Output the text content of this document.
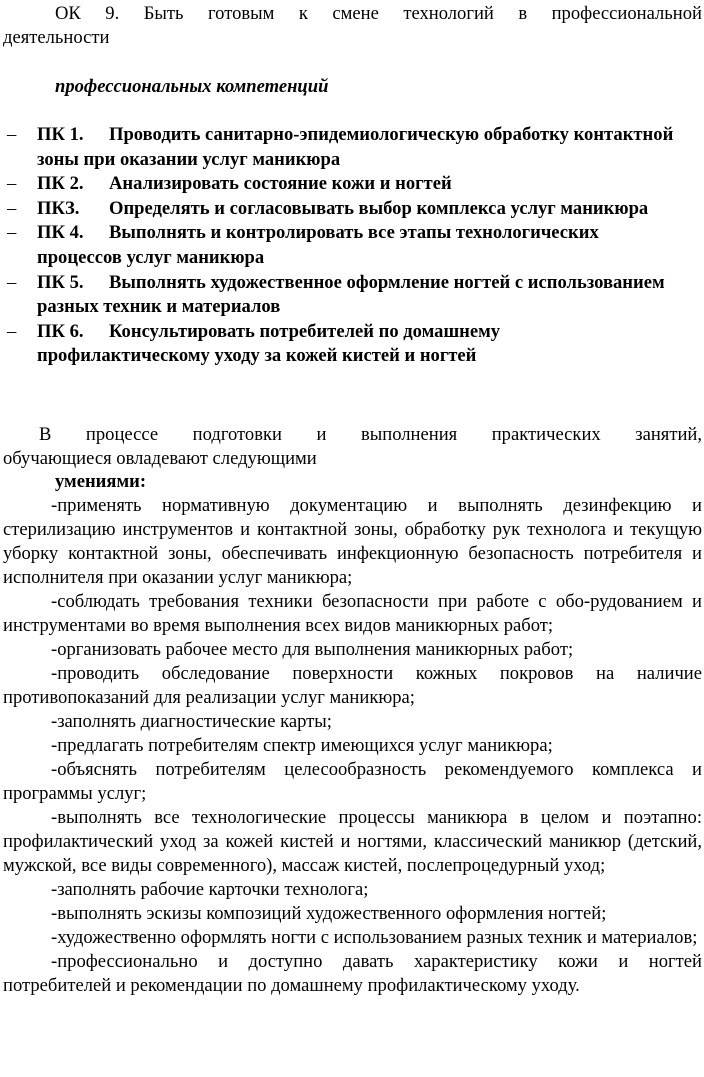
ОК 9. Быть готовым к смене технологий в профессиональной

деятельности

профессиональных компетенций

– ПК 1. Проводить санитарно-эпидемиологическую обработку контактной зоны при оказании услуг маникюра
– ПК 2. Анализировать состояние кожи и ногтей
– ПКЗ. Определять и согласовывать выбор комплекса услуг маникюра
– ПК 4. Выполнять и контролировать все этапы технологических процессов услуг маникюра
– ПК 5. Выполнять художественное оформление ногтей с использованием разных техник и материалов
– ПК 6. Консультировать потребителей по домашнему профилактическому уходу за кожей кистей и ногтей

В процессе подготовки и выполнения практических занятий,

обучающиеся овладевают следующими

умениями:

-применять нормативную документацию и выполнять дезинфекцию и стерилизацию инструментов и контактной зоны, обработку рук технолога и текущую уборку контактной зоны, обеспечивать инфекционную безопасность потребителя и исполнителя при оказании услуг маникюра;

-соблюдать требования техники безопасности при работе с обо-рудованием и инструментами во время выполнения всех видов маникюрных работ;

-организовать рабочее место для выполнения маникюрных работ;

-проводить обследование поверхности кожных покровов на наличие противопоказаний для реализации услуг маникюра;

-заполнять диагностические карты;

-предлагать потребителям спектр имеющихся услуг маникюра;

-объяснять потребителям целесообразность рекомендуемого комплекса и программы услуг;

-выполнять все технологические процессы маникюра в целом и поэтапно: профилактический уход за кожей кистей и ногтями, классический маникюр (детский, мужской, все виды современного), массаж кистей, послепроцедурный уход;

-заполнять рабочие карточки технолога;

-выполнять эскизы композиций художественного оформления ногтей;

-художественно оформлять ногти с использованием разных техник и материалов;

-профессионально и доступно давать характеристику кожи и ногтей потребителей и рекомендации по домашнему профилактическому уходу.
